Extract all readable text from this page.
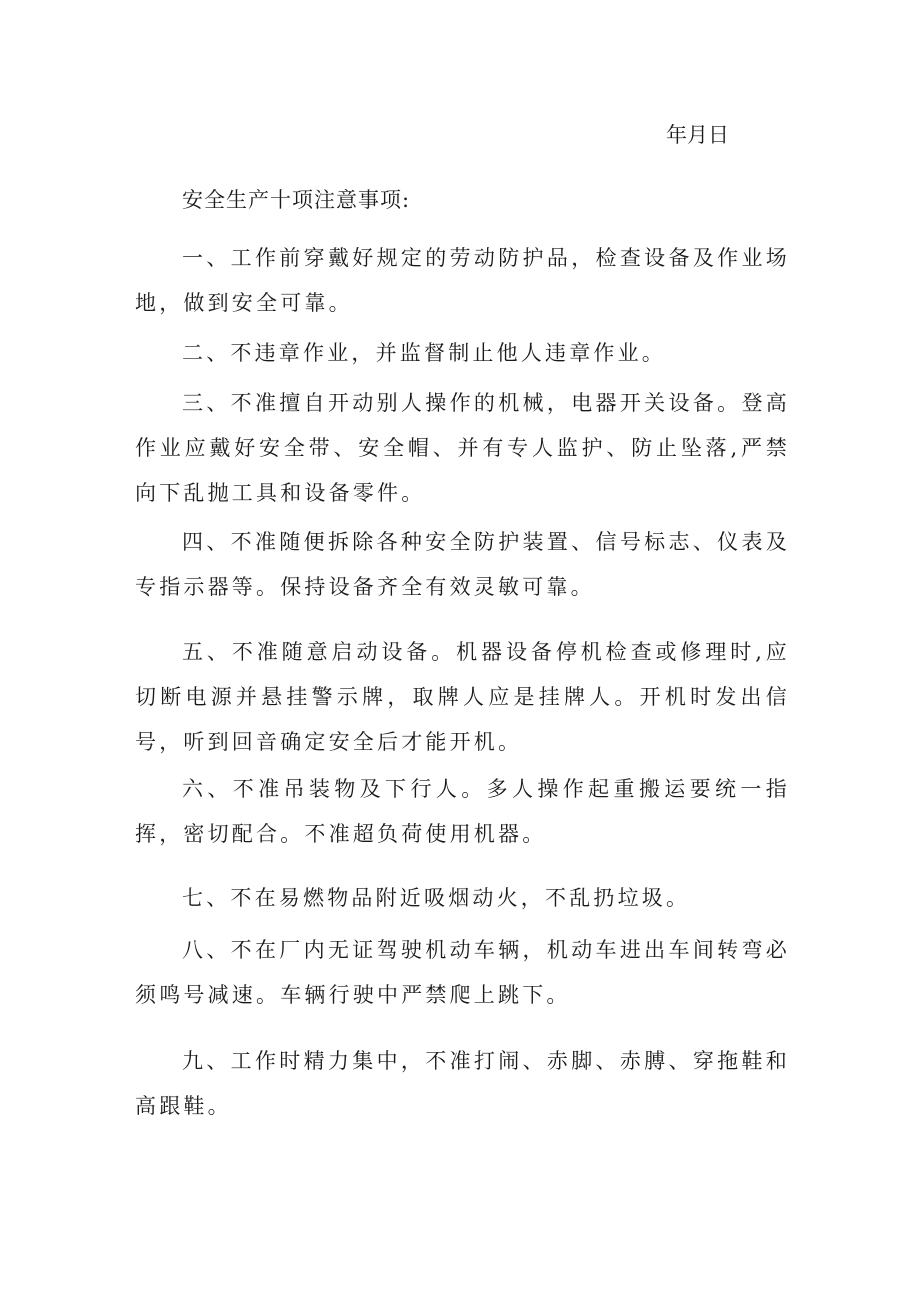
年月日
安全生产十项注意事项:

一、工作前穿戴好规定的劳动防护品，检查设备及作业场地，做到安全可靠。

二、不违章作业，并监督制止他人违章作业。

三、不准擅自开动别人操作的机械，电器开关设备。登高作业应戴好安全带、安全帽、并有专人监护、防止坠落,严禁向下乱抛工具和设备零件。

四、不准随便拆除各种安全防护装置、信号标志、仪表及专指示器等。保持设备齐全有效灵敏可靠。

五、不准随意启动设备。机器设备停机检查或修理时,应切断电源并悬挂警示牌，取牌人应是挂牌人。开机时发出信号，听到回音确定安全后才能开机。

六、不准吊装物及下行人。多人操作起重搬运要统一指挥，密切配合。不准超负荷使用机器。

七、不在易燃物品附近吸烟动火，不乱扔垃圾。

八、不在厂内无证驾驶机动车辆，机动车进出车间转弯必须鸣号减速。车辆行驶中严禁爬上跳下。

九、工作时精力集中，不准打闹、赤脚、赤膊、穿拖鞋和高跟鞋。
